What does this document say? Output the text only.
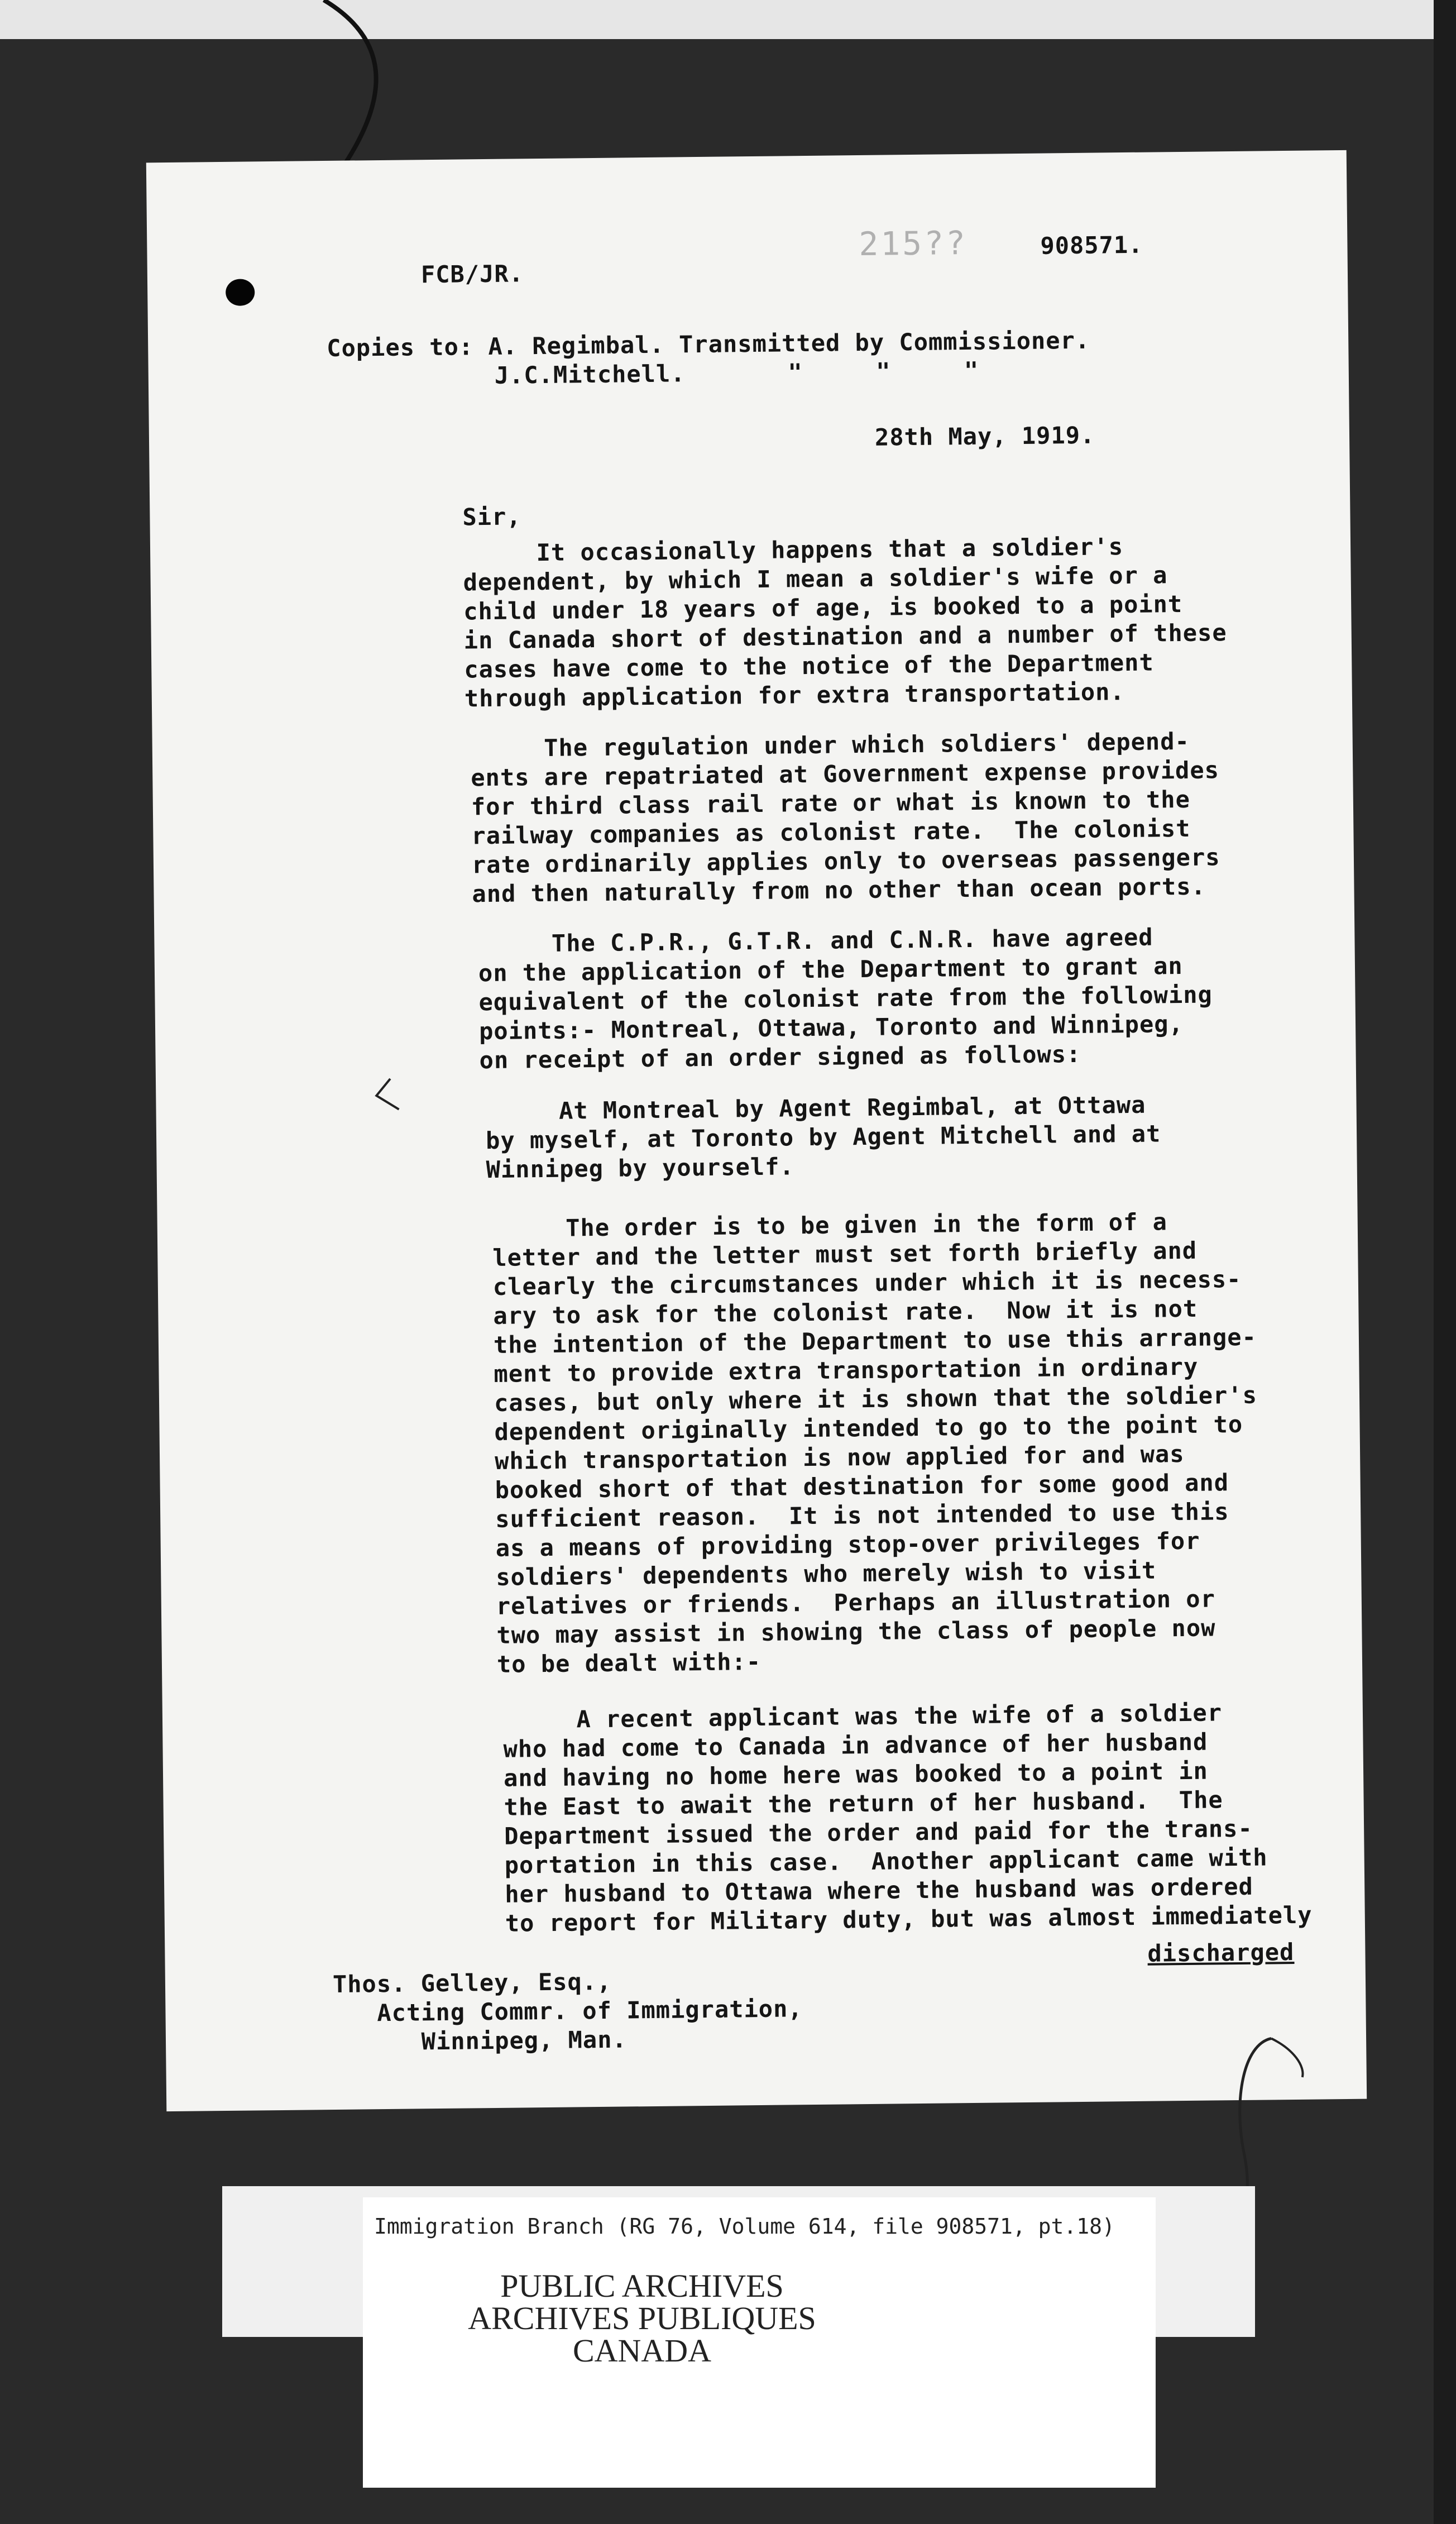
FCB/JR.
215??	908571.
Copies to: A. Regimbal. Transmitted by Commissioner.
J.C.Mitchell.       "     "     "
28th May, 1919.
Sir,
It occasionally happens that a soldier's
dependent, by which I mean a soldier's wife or a
child under 18 years of age, is booked to a point
in Canada short of destination and a number of these
cases have come to the notice of the Department
through application for extra transportation.
The regulation under which soldiers' depend-
ents are repatriated at Government expense provides
for third class rail rate or what is known to the
railway companies as colonist rate.  The colonist
rate ordinarily applies only to overseas passengers
and then naturally from no other than ocean ports.
The C.P.R., G.T.R. and C.N.R. have agreed
on the application of the Department to grant an
equivalent of the colonist rate from the following
points:- Montreal, Ottawa, Toronto and Winnipeg,
on receipt of an order signed as follows:
At Montreal by Agent Regimbal, at Ottawa
by myself, at Toronto by Agent Mitchell and at
Winnipeg by yourself.
The order is to be given in the form of a
letter and the letter must set forth briefly and
clearly the circumstances under which it is necess-
ary to ask for the colonist rate.  Now it is not
the intention of the Department to use this arrange-
ment to provide extra transportation in ordinary
cases, but only where it is shown that the soldier's
dependent originally intended to go to the point to
which transportation is now applied for and was
booked short of that destination for some good and
sufficient reason.  It is not intended to use this
as a means of providing stop-over privileges for
soldiers' dependents who merely wish to visit
relatives or friends.  Perhaps an illustration or
two may assist in showing the class of people now
to be dealt with:-
A recent applicant was the wife of a soldier
who had come to Canada in advance of her husband
and having no home here was booked to a point in
the East to await the return of her husband.  The
Department issued the order and paid for the trans-
portation in this case.  Another applicant came with
her husband to Ottawa where the husband was ordered
to report for Military duty, but was almost immediately
discharged
Thos. Gelley, Esq.,
Acting Commr. of Immigration,
Winnipeg, Man.
Immigration Branch (RG 76, Volume 614, file 908571, pt.18)
PUBLIC ARCHIVES
ARCHIVES PUBLIQUES
CANADA
